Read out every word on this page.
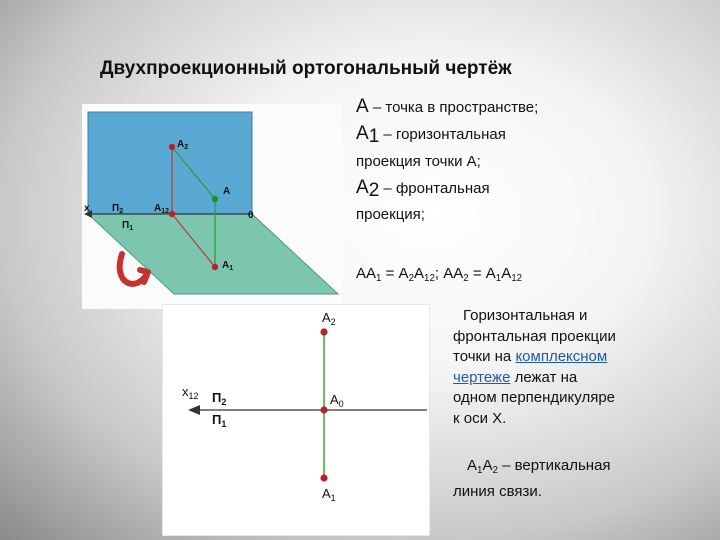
Двухпроекционный ортогональный чертёж
$A_2$
A
$A_{12}$
$A_1$
x $П_2$
$П_1$
0
$A_2$
$A_0$
$A_1$
$x_{12}$ $П_2$
$П_1$
А – точка в пространстве;
$А_1$ – горизонтальная
проекция точки А;
$А_2$ – фронтальная
проекция;
$АА_1 = А_2А_{12}$; $АА_2 = А_1А_{12}$
Горизонтальная и
фронтальная проекции
точки на комплексном
чертеже лежат на
одном перпендикуляре
к оси X.
$А_1А_2$ – вертикальная
линия связи.
